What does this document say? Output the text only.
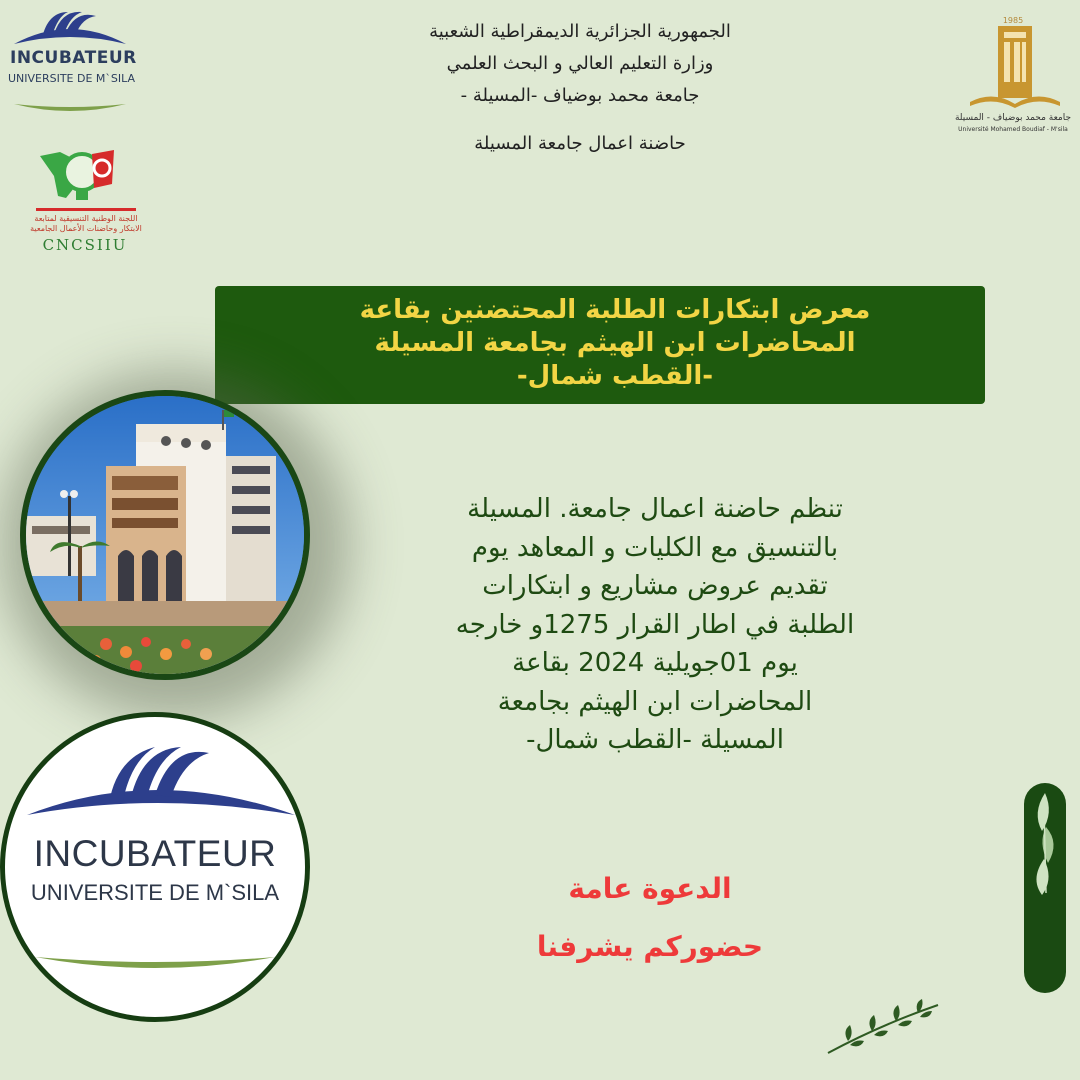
INCUBATEUR
UNIVERSITE DE M`SILA
اللجنة الوطنية التنسيقية لمتابعة الابتكار وحاضنات الأعمال الجامعية
CNCSIIU
الجمهورية الجزائرية الديمقراطية الشعبية
وزارة التعليم العالي و البحث العلمي
جامعة محمد بوضياف -المسيلة -
حاضنة اعمال جامعة المسيلة
1985
جامعة محمد بوضياف - المسيلة
Université Mohamed Boudiaf - M'sila
معرض ابتكارات الطلبة المحتضنين بقاعة
المحاضرات ابن الهيثم بجامعة المسيلة
-القطب شمال-
تنظم حاضنة اعمال جامعة. المسيلة
بالتنسيق مع الكليات و المعاهد يوم
تقديم عروض مشاريع و ابتكارات
الطلبة في اطار القرار 1275و خارجه
يوم 01جويلية 2024 بقاعة
المحاضرات ابن الهيثم بجامعة
المسيلة -القطب شمال-
الدعوة عامة
حضوركم يشرفنا
INCUBATEUR
UNIVERSITE DE M`SILA
